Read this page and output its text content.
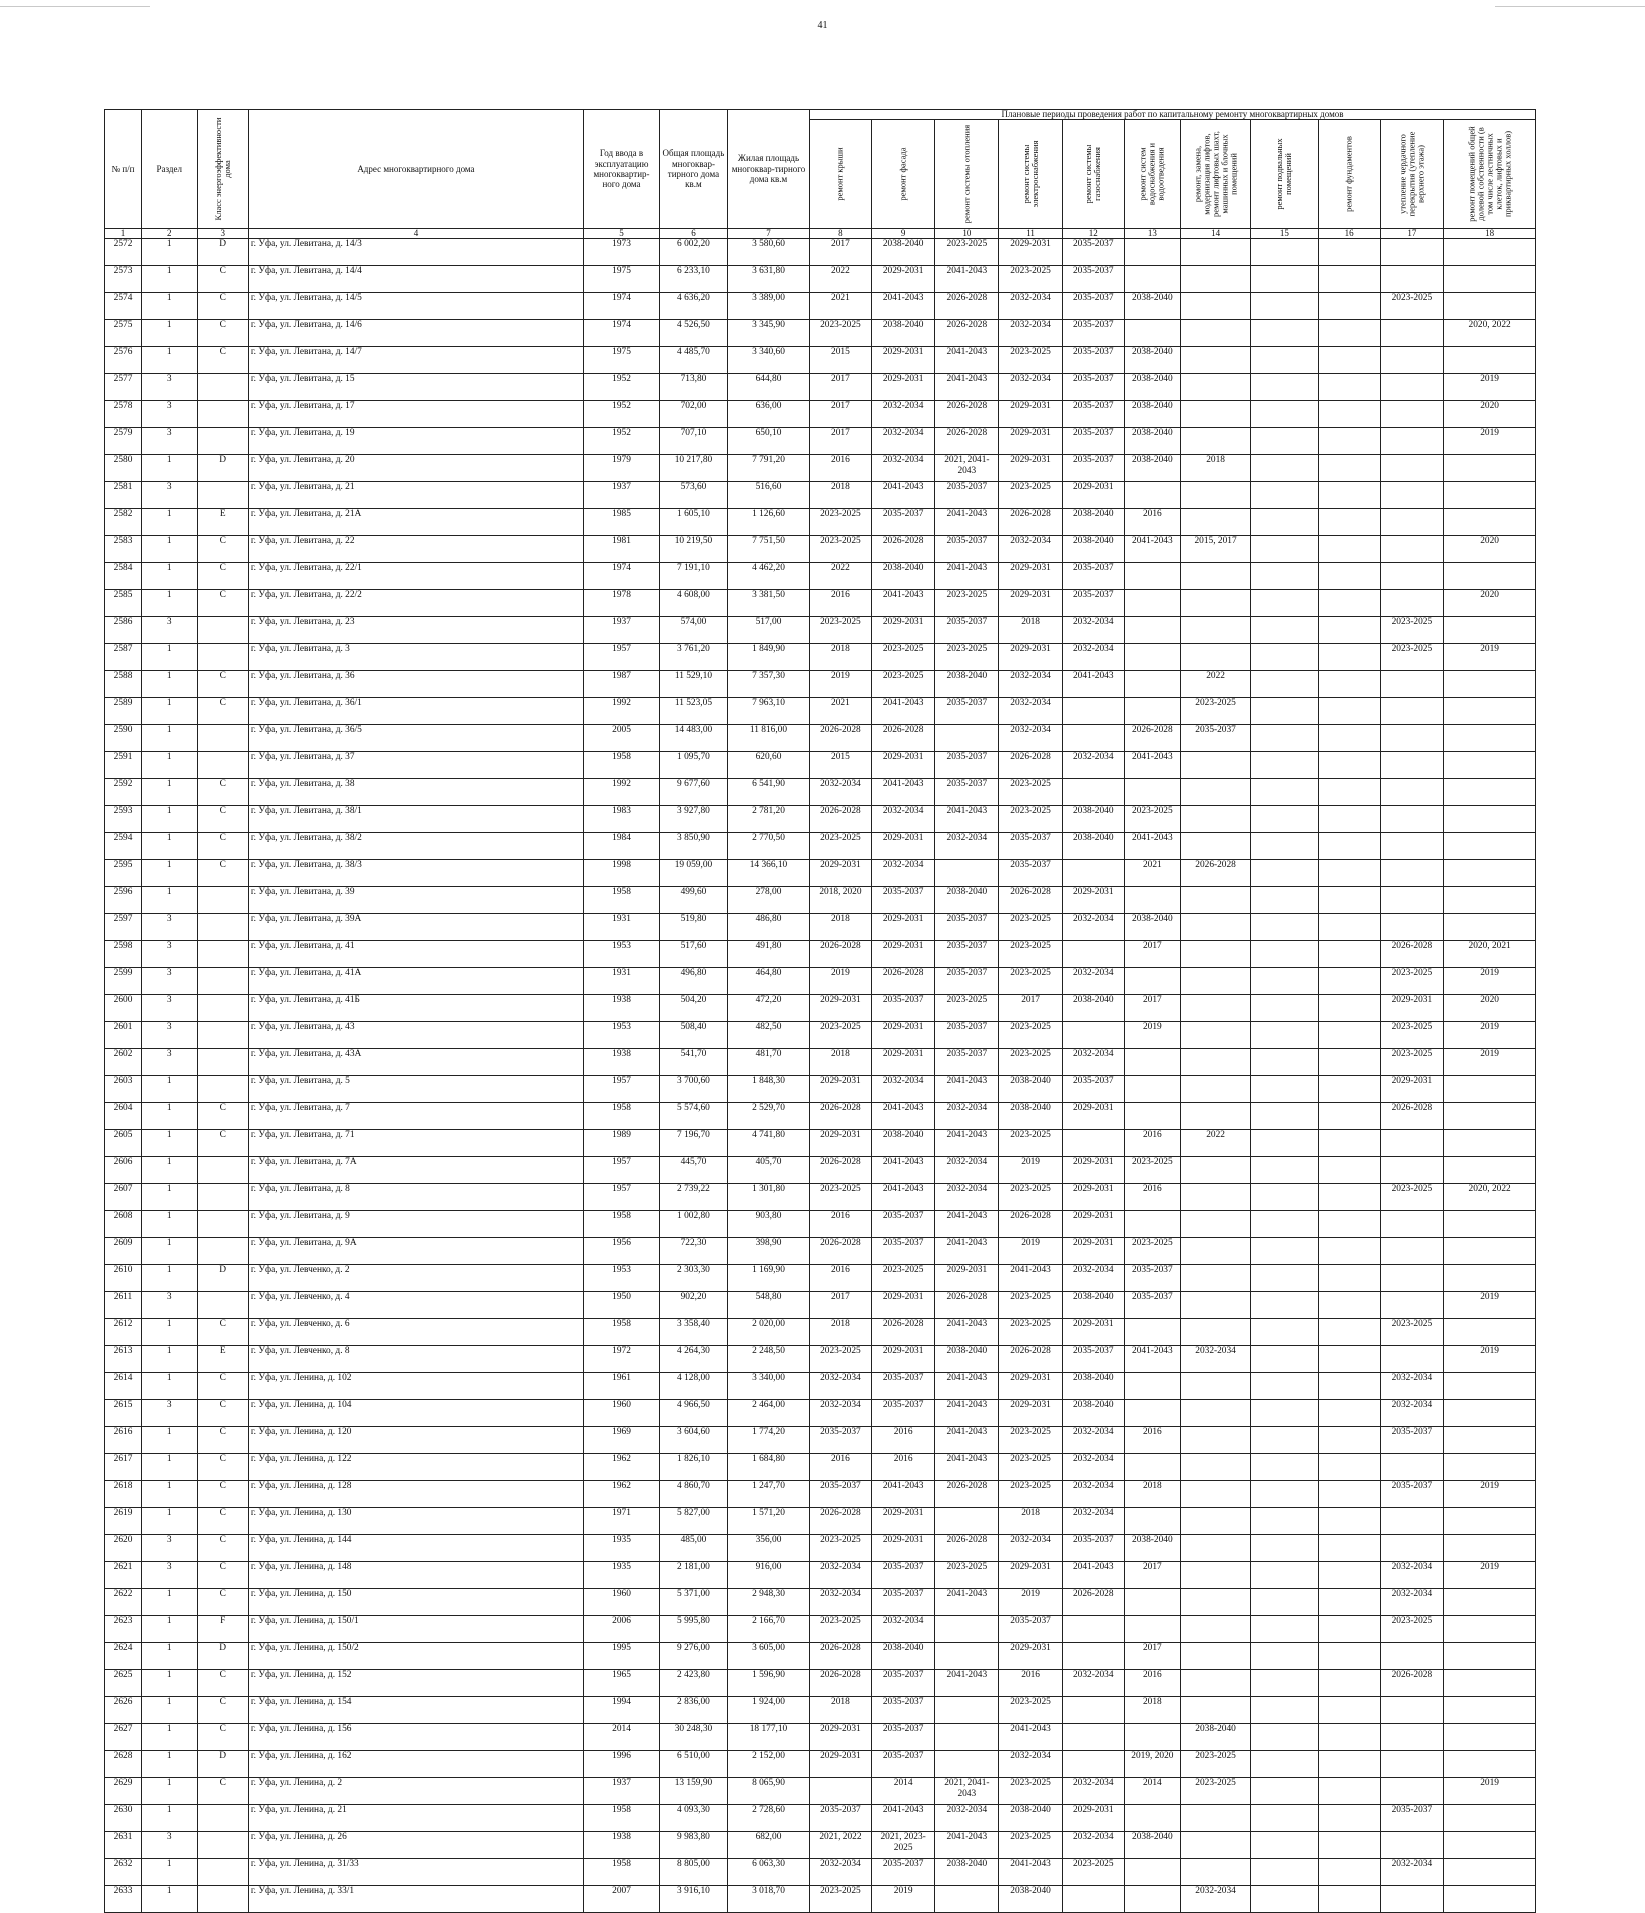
41
№ п/п	Раздел	Класс энергоэффективности дома	Адрес многоквартирного дома	Год ввода в эксплуатацию многоквартир-ного дома	Общая площадь многоквар-тирного дома кв.м	Жилая площадь многоквар-тирного дома кв.м	Плановые периоды проведения работ по капитальному ремонту многоквартирных домов										

							ремонт крыши	ремонт фасада	ремонт системы отопления	ремонт системы электроснабжения	ремонт системы газоснабжения	ремонт систем водоснабжения и водоотведения	ремонт, замена, модернизация лифтов, ремонт лифтовых шахт, машинных и блочных помещений	ремонт подвальных помещений	ремонт фундаментов	утепление чердачного перекрытия (утепление верхнего этажа)	ремонт помещений общей долевой собственности (в том числе лестничных клеток, лифтовых и приквартирных холлов)

1	2	3	4	5	6	7	8	9	10	11	12	13	14	15	16	17	18
2572	1	D	г. Уфа, ул. Левитана, д. 14/3	1973	6 002,20	3 580,60	2017	2038-2040	2023-2025	2029-2031	2035-2037						
2573	1	C	г. Уфа, ул. Левитана, д. 14/4	1975	6 233,10	3 631,80	2022	2029-2031	2041-2043	2023-2025	2035-2037						
2574	1	C	г. Уфа, ул. Левитана, д. 14/5	1974	4 636,20	3 389,00	2021	2041-2043	2026-2028	2032-2034	2035-2037	2038-2040				2023-2025	
2575	1	C	г. Уфа, ул. Левитана, д. 14/6	1974	4 526,50	3 345,90	2023-2025	2038-2040	2026-2028	2032-2034	2035-2037						2020, 2022
2576	1	C	г. Уфа, ул. Левитана, д. 14/7	1975	4 485,70	3 340,60	2015	2029-2031	2041-2043	2023-2025	2035-2037	2038-2040					
2577	3		г. Уфа, ул. Левитана, д. 15	1952	713,80	644,80	2017	2029-2031	2041-2043	2032-2034	2035-2037	2038-2040					2019
2578	3		г. Уфа, ул. Левитана, д. 17	1952	702,00	636,00	2017	2032-2034	2026-2028	2029-2031	2035-2037	2038-2040					2020
2579	3		г. Уфа, ул. Левитана, д. 19	1952	707,10	650,10	2017	2032-2034	2026-2028	2029-2031	2035-2037	2038-2040					2019
2580	1	D	г. Уфа, ул. Левитана, д. 20	1979	10 217,80	7 791,20	2016	2032-2034	2021, 2041-2043	2029-2031	2035-2037	2038-2040	2018				
2581	3		г. Уфа, ул. Левитана, д. 21	1937	573,60	516,60	2018	2041-2043	2035-2037	2023-2025	2029-2031						
2582	1	E	г. Уфа, ул. Левитана, д. 21А	1985	1 605,10	1 126,60	2023-2025	2035-2037	2041-2043	2026-2028	2038-2040	2016					
2583	1	C	г. Уфа, ул. Левитана, д. 22	1981	10 219,50	7 751,50	2023-2025	2026-2028	2035-2037	2032-2034	2038-2040	2041-2043	2015, 2017				2020
2584	1	C	г. Уфа, ул. Левитана, д. 22/1	1974	7 191,10	4 462,20	2022	2038-2040	2041-2043	2029-2031	2035-2037						
2585	1	C	г. Уфа, ул. Левитана, д. 22/2	1978	4 608,00	3 381,50	2016	2041-2043	2023-2025	2029-2031	2035-2037						2020
2586	3		г. Уфа, ул. Левитана, д. 23	1937	574,00	517,00	2023-2025	2029-2031	2035-2037	2018	2032-2034					2023-2025	
2587	1		г. Уфа, ул. Левитана, д. 3	1957	3 761,20	1 849,90	2018	2023-2025	2023-2025	2029-2031	2032-2034					2023-2025	2019
2588	1	C	г. Уфа, ул. Левитана, д. 36	1987	11 529,10	7 357,30	2019	2023-2025	2038-2040	2032-2034	2041-2043		2022				
2589	1	C	г. Уфа, ул. Левитана, д. 36/1	1992	11 523,05	7 963,10	2021	2041-2043	2035-2037	2032-2034			2023-2025				
2590	1		г. Уфа, ул. Левитана, д. 36/5	2005	14 483,00	11 816,00	2026-2028	2026-2028		2032-2034		2026-2028	2035-2037				
2591	1		г. Уфа, ул. Левитана, д. 37	1958	1 095,70	620,60	2015	2029-2031	2035-2037	2026-2028	2032-2034	2041-2043					
2592	1	C	г. Уфа, ул. Левитана, д. 38	1992	9 677,60	6 541,90	2032-2034	2041-2043	2035-2037	2023-2025							
2593	1	C	г. Уфа, ул. Левитана, д. 38/1	1983	3 927,80	2 781,20	2026-2028	2032-2034	2041-2043	2023-2025	2038-2040	2023-2025					
2594	1	C	г. Уфа, ул. Левитана, д. 38/2	1984	3 850,90	2 770,50	2023-2025	2029-2031	2032-2034	2035-2037	2038-2040	2041-2043					
2595	1	C	г. Уфа, ул. Левитана, д. 38/3	1998	19 059,00	14 366,10	2029-2031	2032-2034		2035-2037		2021	2026-2028				
2596	1		г. Уфа, ул. Левитана, д. 39	1958	499,60	278,00	2018, 2020	2035-2037	2038-2040	2026-2028	2029-2031						
2597	3		г. Уфа, ул. Левитана, д. 39А	1931	519,80	486,80	2018	2029-2031	2035-2037	2023-2025	2032-2034	2038-2040					
2598	3		г. Уфа, ул. Левитана, д. 41	1953	517,60	491,80	2026-2028	2029-2031	2035-2037	2023-2025		2017				2026-2028	2020, 2021
2599	3		г. Уфа, ул. Левитана, д. 41А	1931	496,80	464,80	2019	2026-2028	2035-2037	2023-2025	2032-2034					2023-2025	2019
2600	3		г. Уфа, ул. Левитана, д. 41Б	1938	504,20	472,20	2029-2031	2035-2037	2023-2025	2017	2038-2040	2017				2029-2031	2020
2601	3		г. Уфа, ул. Левитана, д. 43	1953	508,40	482,50	2023-2025	2029-2031	2035-2037	2023-2025		2019				2023-2025	2019
2602	3		г. Уфа, ул. Левитана, д. 43А	1938	541,70	481,70	2018	2029-2031	2035-2037	2023-2025	2032-2034					2023-2025	2019
2603	1		г. Уфа, ул. Левитана, д. 5	1957	3 700,60	1 848,30	2029-2031	2032-2034	2041-2043	2038-2040	2035-2037					2029-2031	
2604	1	C	г. Уфа, ул. Левитана, д. 7	1958	5 574,60	2 529,70	2026-2028	2041-2043	2032-2034	2038-2040	2029-2031					2026-2028	
2605	1	C	г. Уфа, ул. Левитана, д. 71	1989	7 196,70	4 741,80	2029-2031	2038-2040	2041-2043	2023-2025		2016	2022				
2606	1		г. Уфа, ул. Левитана, д. 7А	1957	445,70	405,70	2026-2028	2041-2043	2032-2034	2019	2029-2031	2023-2025					
2607	1		г. Уфа, ул. Левитана, д. 8	1957	2 739,22	1 301,80	2023-2025	2041-2043	2032-2034	2023-2025	2029-2031	2016				2023-2025	2020, 2022
2608	1		г. Уфа, ул. Левитана, д. 9	1958	1 002,80	903,80	2016	2035-2037	2041-2043	2026-2028	2029-2031						
2609	1		г. Уфа, ул. Левитана, д. 9А	1956	722,30	398,90	2026-2028	2035-2037	2041-2043	2019	2029-2031	2023-2025					
2610	1	D	г. Уфа, ул. Левченко, д. 2	1953	2 303,30	1 169,90	2016	2023-2025	2029-2031	2041-2043	2032-2034	2035-2037					
2611	3		г. Уфа, ул. Левченко, д. 4	1950	902,20	548,80	2017	2029-2031	2026-2028	2023-2025	2038-2040	2035-2037					2019
2612	1	C	г. Уфа, ул. Левченко, д. 6	1958	3 358,40	2 020,00	2018	2026-2028	2041-2043	2023-2025	2029-2031					2023-2025	
2613	1	E	г. Уфа, ул. Левченко, д. 8	1972	4 264,30	2 248,50	2023-2025	2029-2031	2038-2040	2026-2028	2035-2037	2041-2043	2032-2034				2019
2614	1	C	г. Уфа, ул. Ленина, д. 102	1961	4 128,00	3 340,00	2032-2034	2035-2037	2041-2043	2029-2031	2038-2040					2032-2034	
2615	3	C	г. Уфа, ул. Ленина, д. 104	1960	4 966,50	2 464,00	2032-2034	2035-2037	2041-2043	2029-2031	2038-2040					2032-2034	
2616	1	C	г. Уфа, ул. Ленина, д. 120	1969	3 604,60	1 774,20	2035-2037	2016	2041-2043	2023-2025	2032-2034	2016				2035-2037	
2617	1	C	г. Уфа, ул. Ленина, д. 122	1962	1 826,10	1 684,80	2016	2016	2041-2043	2023-2025	2032-2034						
2618	1	C	г. Уфа, ул. Ленина, д. 128	1962	4 860,70	1 247,70	2035-2037	2041-2043	2026-2028	2023-2025	2032-2034	2018				2035-2037	2019
2619	1	C	г. Уфа, ул. Ленина, д. 130	1971	5 827,00	1 571,20	2026-2028	2029-2031		2018	2032-2034						
2620	3	C	г. Уфа, ул. Ленина, д. 144	1935	485,00	356,00	2023-2025	2029-2031	2026-2028	2032-2034	2035-2037	2038-2040					
2621	3	C	г. Уфа, ул. Ленина, д. 148	1935	2 181,00	916,00	2032-2034	2035-2037	2023-2025	2029-2031	2041-2043	2017				2032-2034	2019
2622	1	C	г. Уфа, ул. Ленина, д. 150	1960	5 371,00	2 948,30	2032-2034	2035-2037	2041-2043	2019	2026-2028					2032-2034	
2623	1	F	г. Уфа, ул. Ленина, д. 150/1	2006	5 995,80	2 166,70	2023-2025	2032-2034		2035-2037						2023-2025	
2624	1	D	г. Уфа, ул. Ленина, д. 150/2	1995	9 276,00	3 605,00	2026-2028	2038-2040		2029-2031		2017					
2625	1	C	г. Уфа, ул. Ленина, д. 152	1965	2 423,80	1 596,90	2026-2028	2035-2037	2041-2043	2016	2032-2034	2016				2026-2028	
2626	1	C	г. Уфа, ул. Ленина, д. 154	1994	2 836,00	1 924,00	2018	2035-2037		2023-2025		2018					
2627	1	C	г. Уфа, ул. Ленина, д. 156	2014	30 248,30	18 177,10	2029-2031	2035-2037		2041-2043			2038-2040				
2628	1	D	г. Уфа, ул. Ленина, д. 162	1996	6 510,00	2 152,00	2029-2031	2035-2037		2032-2034		2019, 2020	2023-2025				
2629	1	C	г. Уфа, ул. Ленина, д. 2	1937	13 159,90	8 065,90		2014	2021, 2041-2043	2023-2025	2032-2034	2014	2023-2025				2019
2630	1		г. Уфа, ул. Ленина, д. 21	1958	4 093,30	2 728,60	2035-2037	2041-2043	2032-2034	2038-2040	2029-2031					2035-2037	
2631	3		г. Уфа, ул. Ленина, д. 26	1938	9 983,80	682,00	2021, 2022	2021, 2023-2025	2041-2043	2023-2025	2032-2034	2038-2040					
2632	1		г. Уфа, ул. Ленина, д. 31/33	1958	8 805,00	6 063,30	2032-2034	2035-2037	2038-2040	2041-2043	2023-2025					2032-2034	
2633	1		г. Уфа, ул. Ленина, д. 33/1	2007	3 916,10	3 018,70	2023-2025	2019		2038-2040			2032-2034				
